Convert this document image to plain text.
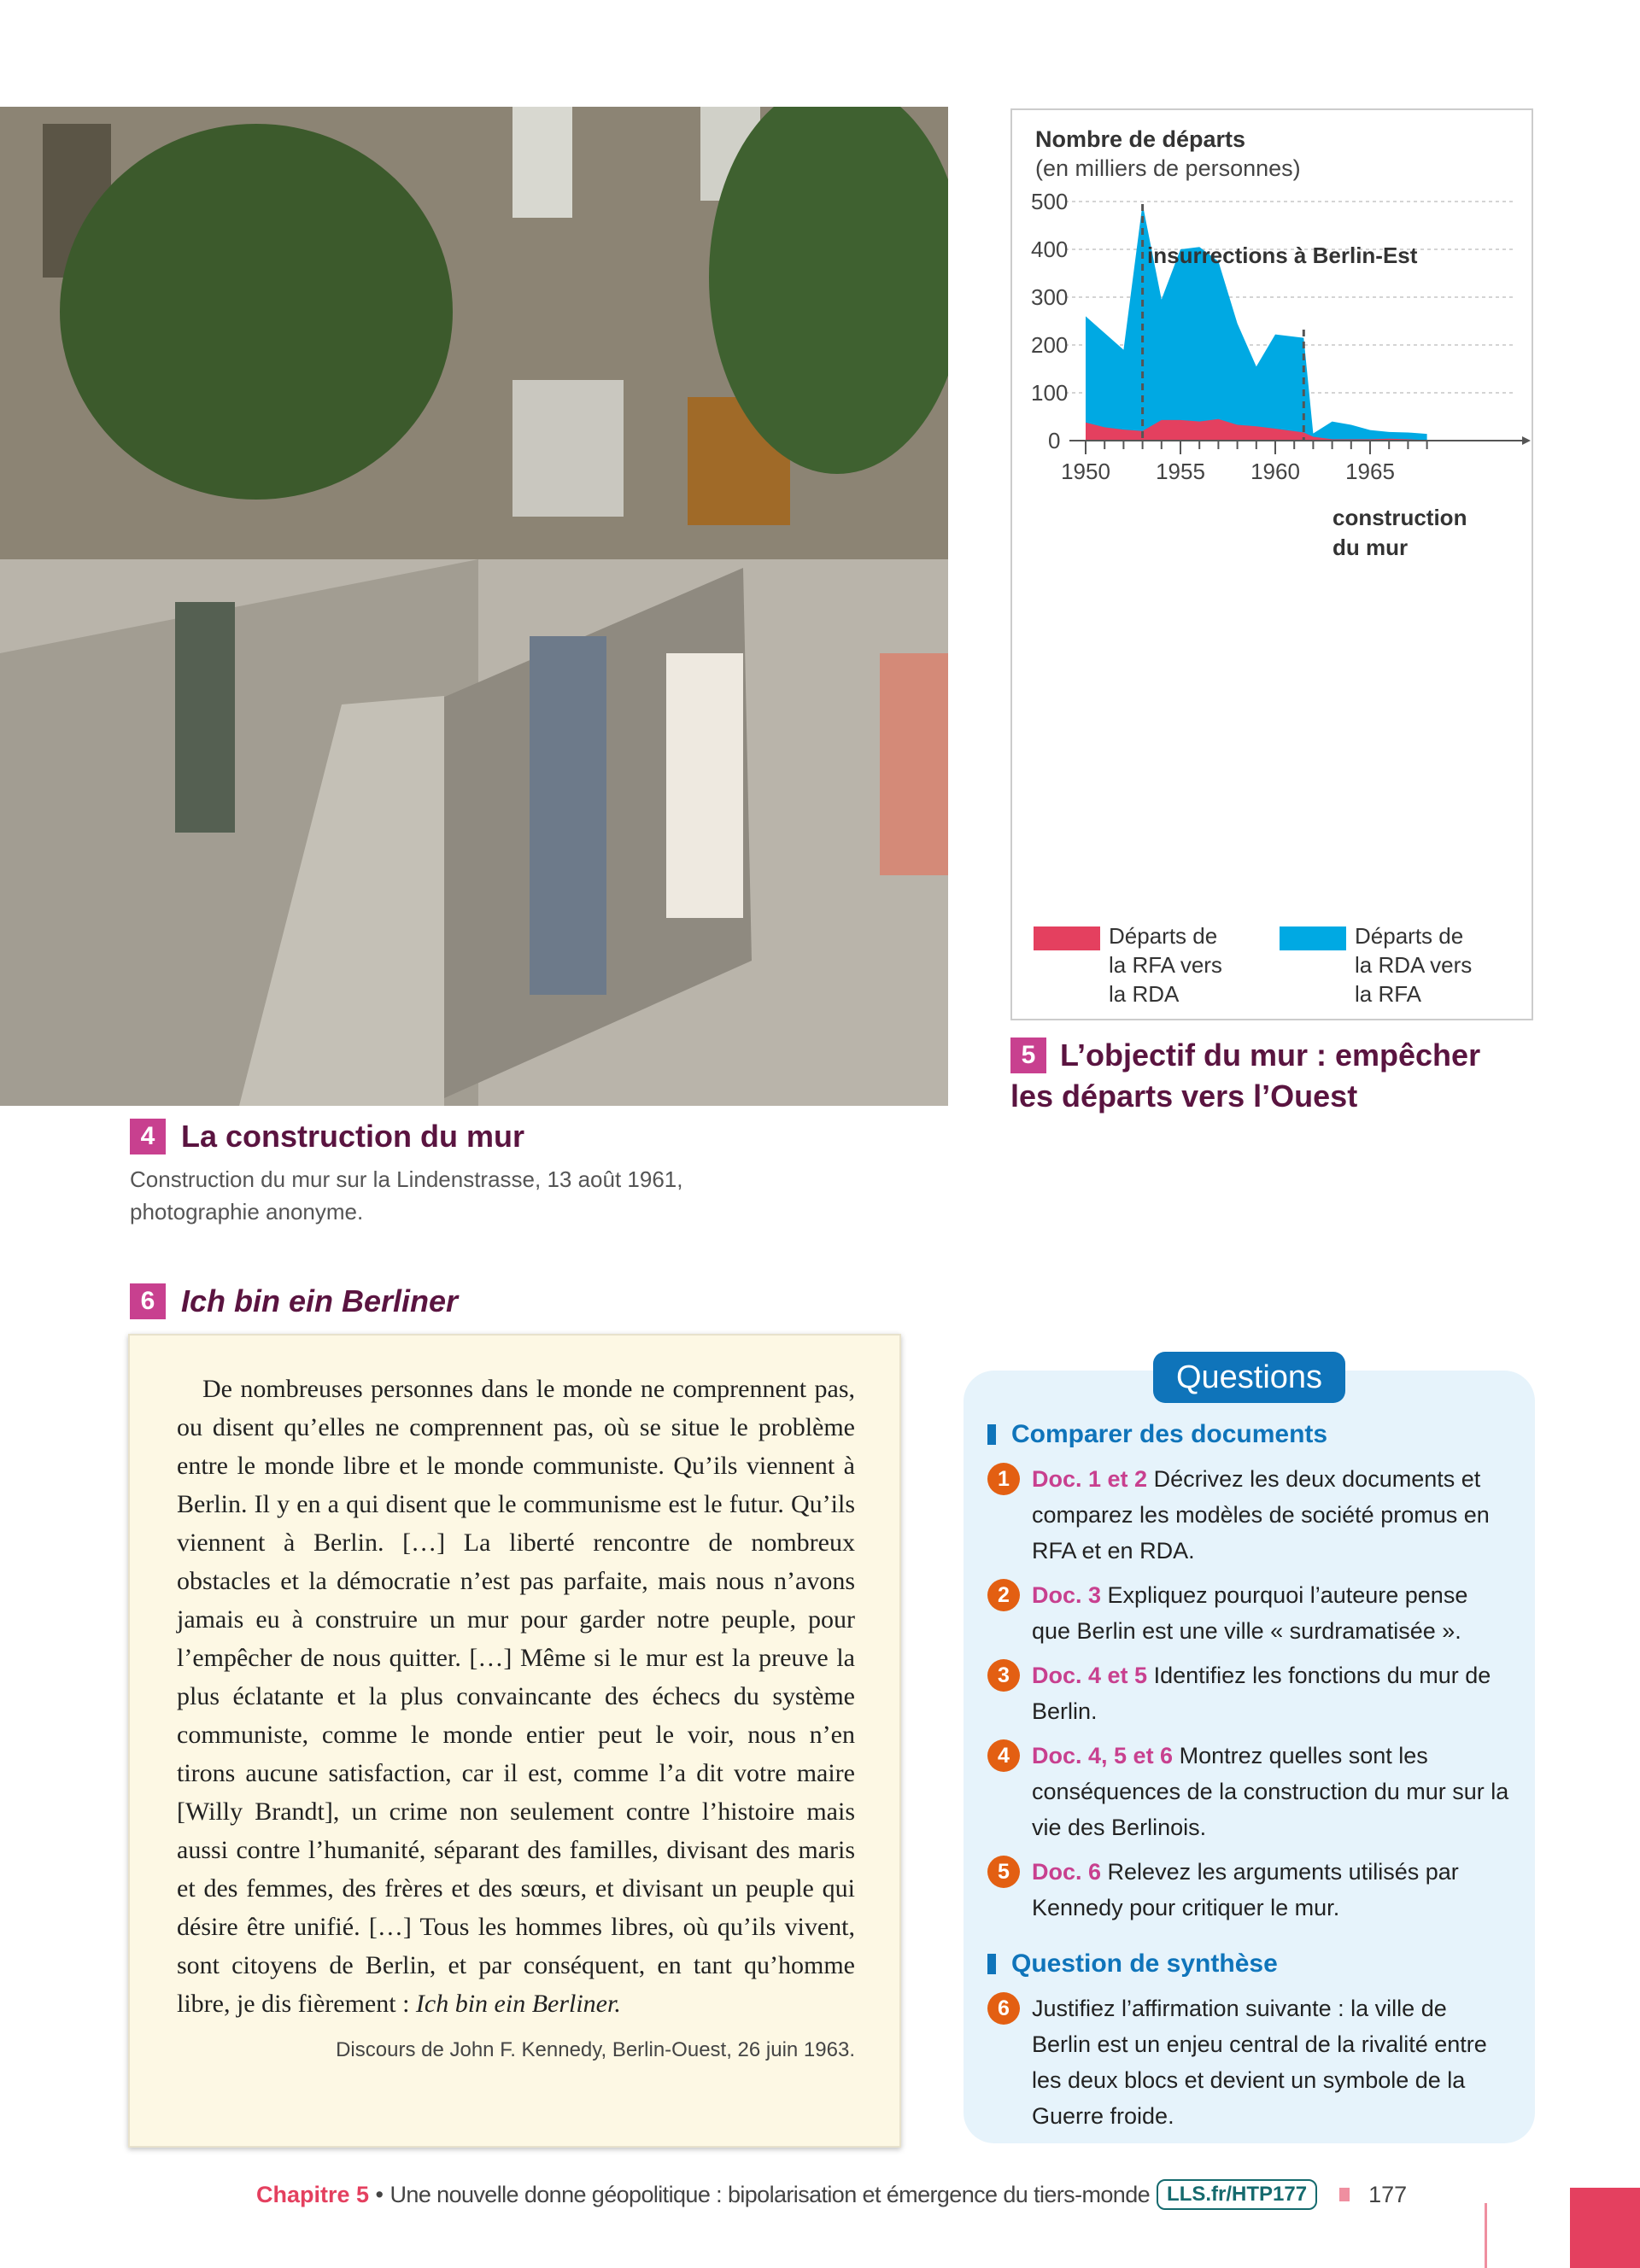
4 La construction du mur
Construction du mur sur la Lindenstrasse, 13 août 1961,
photographie anonyme.
Nombre de départs
(en milliers de personnes)
0
100
200
300
400
500
1950 1955 1960 1965
insurrections à Berlin-Est
construction
du mur
Départs de
la RFA vers
la RDA
Départs de
la RDA vers
la RFA
5 L’objectif du mur : empêcher
les départs vers l’Ouest
6 Ich bin ein Berliner

De nombreuses personnes dans le monde ne comprennent pas, ou disent qu’elles ne comprennent pas, où se situe le problème entre le monde libre et le monde communiste. Qu’ils viennent à Berlin. Il y en a qui disent que le communisme est le futur. Qu’ils viennent à Berlin. […] La liberté rencontre de nombreux obstacles et la démocratie n’est pas parfaite, mais nous n’avons jamais eu à construire un mur pour garder notre peuple, pour l’empêcher de nous quitter. […] Même si le mur est la preuve la plus éclatante et la plus convaincante des échecs du système communiste, comme le monde entier peut le voir, nous n’en tirons aucune satisfaction, car il est, comme l’a dit votre maire [Willy Brandt], un crime non seulement contre l’histoire mais aussi contre l’humanité, séparant des familles, divisant des maris et des femmes, des frères et des sœurs, et divisant un peuple qui désire être unifié. […] Tous les hommes libres, où qu’ils vivent, sont citoyens de Berlin, et par conséquent, en tant qu’homme libre, je dis fièrement : Ich bin ein Berliner.

Discours de John F. Kennedy, Berlin-Ouest, 26 juin 1963.
Comparer des documents
1 Doc. 1 et 2 Décrivez les deux documents et comparez les modèles de société promus en RFA et en RDA.
2 Doc. 3 Expliquez pourquoi l’auteure pense que Berlin est une ville « surdramatisée ».
3 Doc. 4 et 5 Identifiez les fonctions du mur de Berlin.
4 Doc. 4, 5 et 6 Montrez quelles sont les conséquences de la construction du mur sur la vie des Berlinois.
5 Doc. 6 Relevez les arguments utilisés par Kennedy pour critiquer le mur.
Question de synthèse
6 Justifiez l’affirmation suivante : la ville de Berlin est un enjeu central de la rivalité entre les deux blocs et devient un symbole de la Guerre froide.
Questions
Chapitre 5 • Une nouvelle donne géopolitique : bipolarisation et émergence du tiers-monde LLS.fr/HTP177	177
